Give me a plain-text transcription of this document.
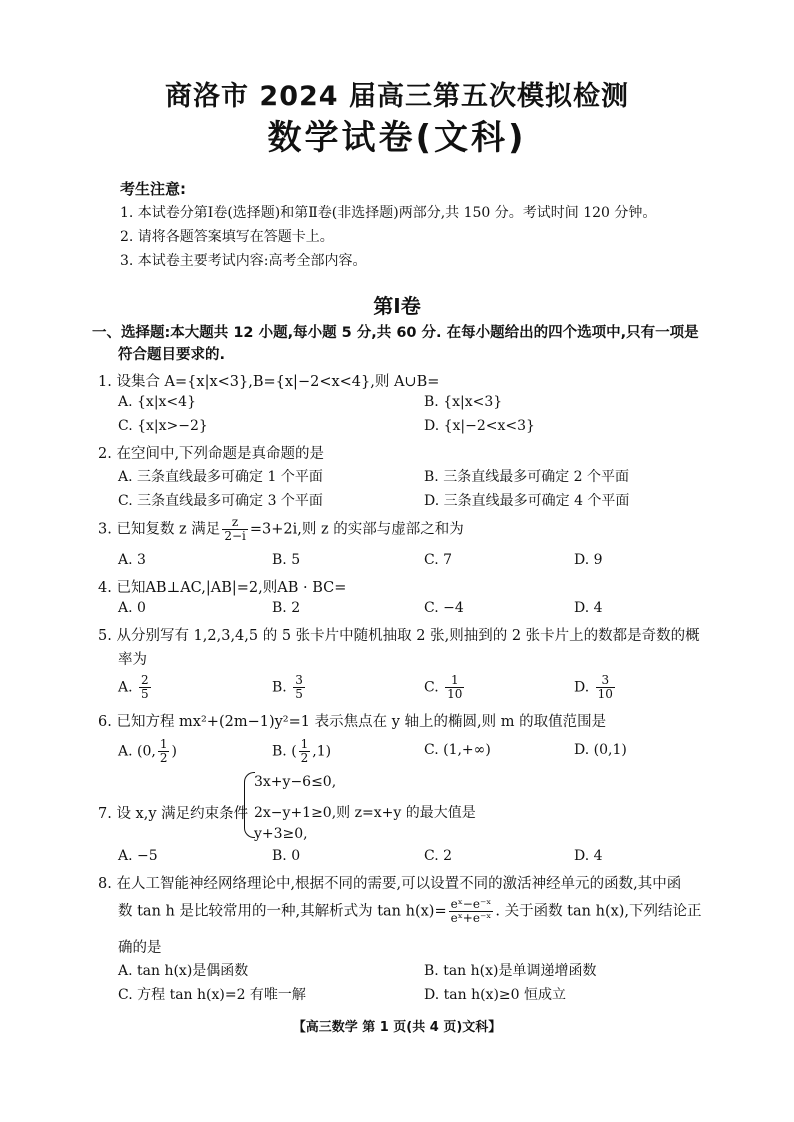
商洛市 2024 届高三第五次模拟检测
数学试卷(文科)
考生注意:
1. 本试卷分第Ⅰ卷(选择题)和第Ⅱ卷(非选择题)两部分,共 150 分。考试时间 120 分钟。
2. 请将各题答案填写在答题卡上。
3. 本试卷主要考试内容:高考全部内容。
第Ⅰ卷
一、选择题:本大题共 12 小题,每小题 5 分,共 60 分. 在每小题给出的四个选项中,只有一项是
符合题目要求的.
1. 设集合 A={x|x<3},B={x|−2<x<4},则 A∪B=
A. {x|x<4}	B. {x|x<3}
C. {x|x>−2}	D. {x|−2<x<3}
2. 在空间中,下列命题是真命题的是
A. 三条直线最多可确定 1 个平面	B. 三条直线最多可确定 2 个平面
C. 三条直线最多可确定 3 个平面	D. 三条直线最多可确定 4 个平面
3. 已知复数 z 满足 $\frac{z}{2-i} =3+2i$,则 z 的实部与虚部之和为
A. 3	B. 5	C. 7	D. 9
4. 已知AB⊥AC,|AB|=2,则AB · BC=
A. 0	B. 2	C. −4	D. 4
5. 从分别写有 1,2,3,4,5 的 5 张卡片中随机抽取 2 张,则抽到的 2 张卡片上的数都是奇数的概
率为
A. $\frac{2}{5}$	B. $\frac{3}{5}$	C. $\frac{1}{10}$	D. $\frac{3}{10}$
6. 已知方程 mx²+(2m−1)y²=1 表示焦点在 y 轴上的椭圆,则 m 的取值范围是
A. (0, $\frac{1}{2}$ )	B. ( $\frac{1}{2} ,1$)	C. (1,+∞)	D. (0,1)
7. 设 x,y 满足约束条件
3x+y−6≤0,
2x−y+1≥0,则 z=x+y 的最大值是
y+3≥0,
A. −5	B. 0	C. 2	D. 4
8. 在人工智能神经网络理论中,根据不同的需要,可以设置不同的激活神经单元的函数,其中函
数 tan h 是比较常用的一种,其解析式为 $\tan h(x)= \frac{\text{eˣ−e⁻ˣ}}{\text{eˣ+e⁻ˣ}}$ . 关于函数 tan h(x),下列结论正
确的是
A. tan h(x)是偶函数	B. tan h(x)是单调递增函数
C. 方程 tan h(x)=2 有唯一解	D. tan h(x)≥0 恒成立
【高三数学 第 1 页(共 4 页)文科】
